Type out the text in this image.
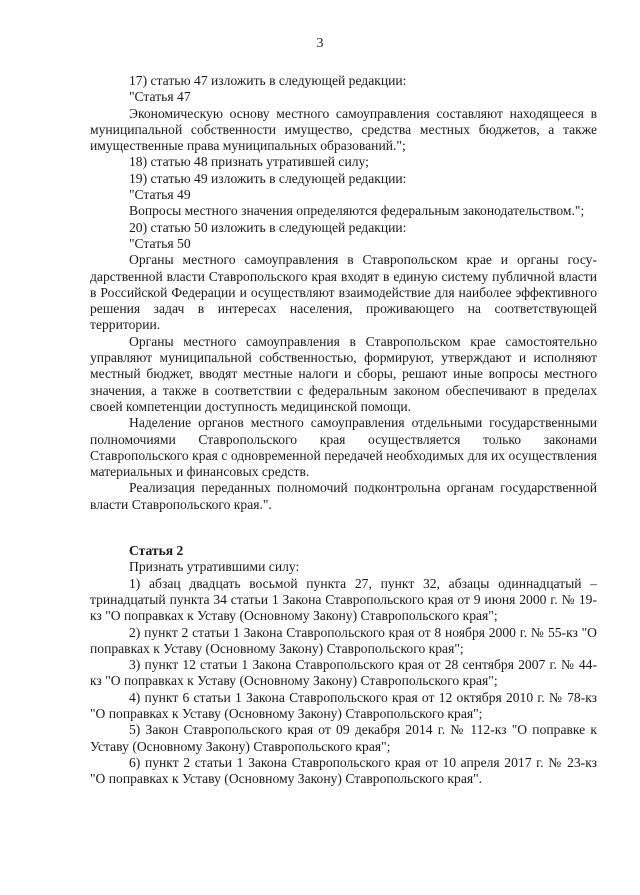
3

17) статью 47 изложить в следующей редакции:

"Статья 47

Экономическую основу местного самоуправления составляют находящееся в муниципальной собственности имущество, средства местных бюджетов, а также имущественные права муниципальных образований.";

18) статью 48 признать утратившей силу;

19) статью 49 изложить в следующей редакции:

"Статья 49

Вопросы местного значения определяются федеральным законодательством.";

20) статью 50 изложить в следующей редакции:

"Статья 50

Органы местного самоуправления в Ставропольском крае и органы государственной власти Ставропольского края входят в единую систему публичной власти в Российской Федерации и осуществляют взаимодействие для наиболее эффективного решения задач в интересах населения, проживающего на соответствующей территории.

Органы местного самоуправления в Ставропольском крае самостоятельно управляют муниципальной собственностью, формируют, утверждают и исполняют местный бюджет, вводят местные налоги и сборы, решают иные вопросы местного значения, а также в соответствии с федеральным законом обеспечивают в пределах своей компетенции доступность медицинской помощи.

Наделение органов местного самоуправления отдельными государственными полномочиями Ставропольского края осуществляется только законами Ставропольского края с одновременной передачей необходимых для их осуществления материальных и финансовых средств.

Реализация переданных полномочий подконтрольна органам государственной власти Ставропольского края.".

Статья 2

Признать утратившими силу:

1) абзац двадцать восьмой пункта 27, пункт 32, абзацы одиннадцатый – тринадцатый пункта 34 статьи 1 Закона Ставропольского края от 9 июня 2000 г. № 19-кз "О поправках к Уставу (Основному Закону) Ставропольского края";

2) пункт 2 статьи 1 Закона Ставропольского края от 8 ноября 2000 г. № 55-кз "О поправках к Уставу (Основному Закону) Ставропольского края";

3) пункт 12 статьи 1 Закона Ставропольского края от 28 сентября 2007 г. № 44-кз "О поправках к Уставу (Основному Закону) Ставропольского края";

4) пункт 6 статьи 1 Закона Ставропольского края от 12 октября 2010 г. № 78-кз "О поправках к Уставу (Основному Закону) Ставропольского края";

5) Закон Ставропольского края от 09 декабря 2014 г. № 112-кз "О поправке к Уставу (Основному Закону) Ставропольского края";

6) пункт 2 статьи 1 Закона Ставропольского края от 10 апреля 2017 г. № 23-кз "О поправках к Уставу (Основному Закону) Ставропольского края".
